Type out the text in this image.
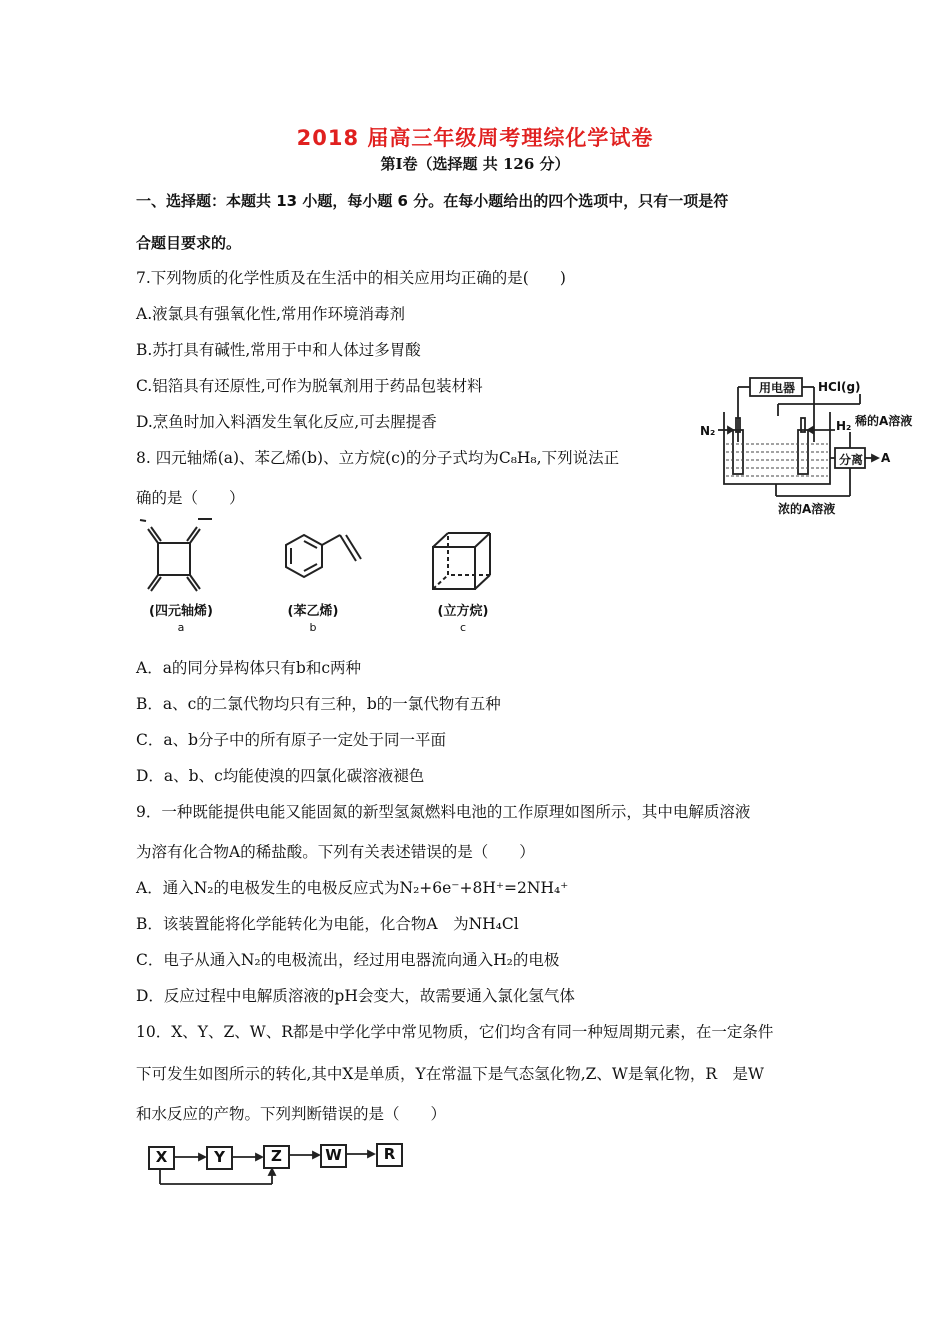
2018 届高三年级周考理综化学试卷
第Ⅰ卷（选择题 共 126 分）
一、选择题：本题共 13 小题，每小题 6 分。在每小题给出的四个选项中，只有一项是符
合题目要求的。
7.下列物质的化学性质及在生活中的相关应用均正确的是(　　)
A.液氯具有强氧化性,常用作环境消毒剂
B.苏打具有碱性,常用于中和人体过多胃酸
C.铝箔具有还原性,可作为脱氧剂用于药品包装材料
D.烹鱼时加入料酒发生氧化反应,可去腥提香
8. 四元轴烯(a)、苯乙烯(b)、立方烷(c)的分子式均为C₈H₈,下列说法正
确的是（　　）
(四元轴烯)
a
(苯乙烯)
b
(立方烷)
c
A．a的同分异构体只有b和c两种
B．a、c的二氯代物均只有三种，b的一氯代物有五种
C．a、b分子中的所有原子一定处于同一平面
D．a、b、c均能使溴的四氯化碳溶液褪色
用电器	HCl(g)
N₂	H₂ 稀的A溶液
分离 A
浓的A溶液
9．一种既能提供电能又能固氮的新型氢氮燃料电池的工作原理如图所示，其中电解质溶液
为溶有化合物A的稀盐酸。下列有关表述错误的是（　　）
A．通入N₂的电极发生的电极反应式为N₂+6e⁻+8H⁺=2NH₄⁺
B．该装置能将化学能转化为电能，化合物A　为NH₄Cl
C．电子从通入N₂的电极流出，经过用电器流向通入H₂的电极
D．反应过程中电解质溶液的pH会变大，故需要通入氯化氢气体
10．X、Y、Z、W、R都是中学化学中常见物质，它们均含有同一种短周期元素，在一定条件
下可发生如图所示的转化,其中X是单质，Y在常温下是气态氢化物,Z、W是氧化物，R　是W
和水反应的产物。下列判断错误的是（　　）
X	Y	Z	W	R
